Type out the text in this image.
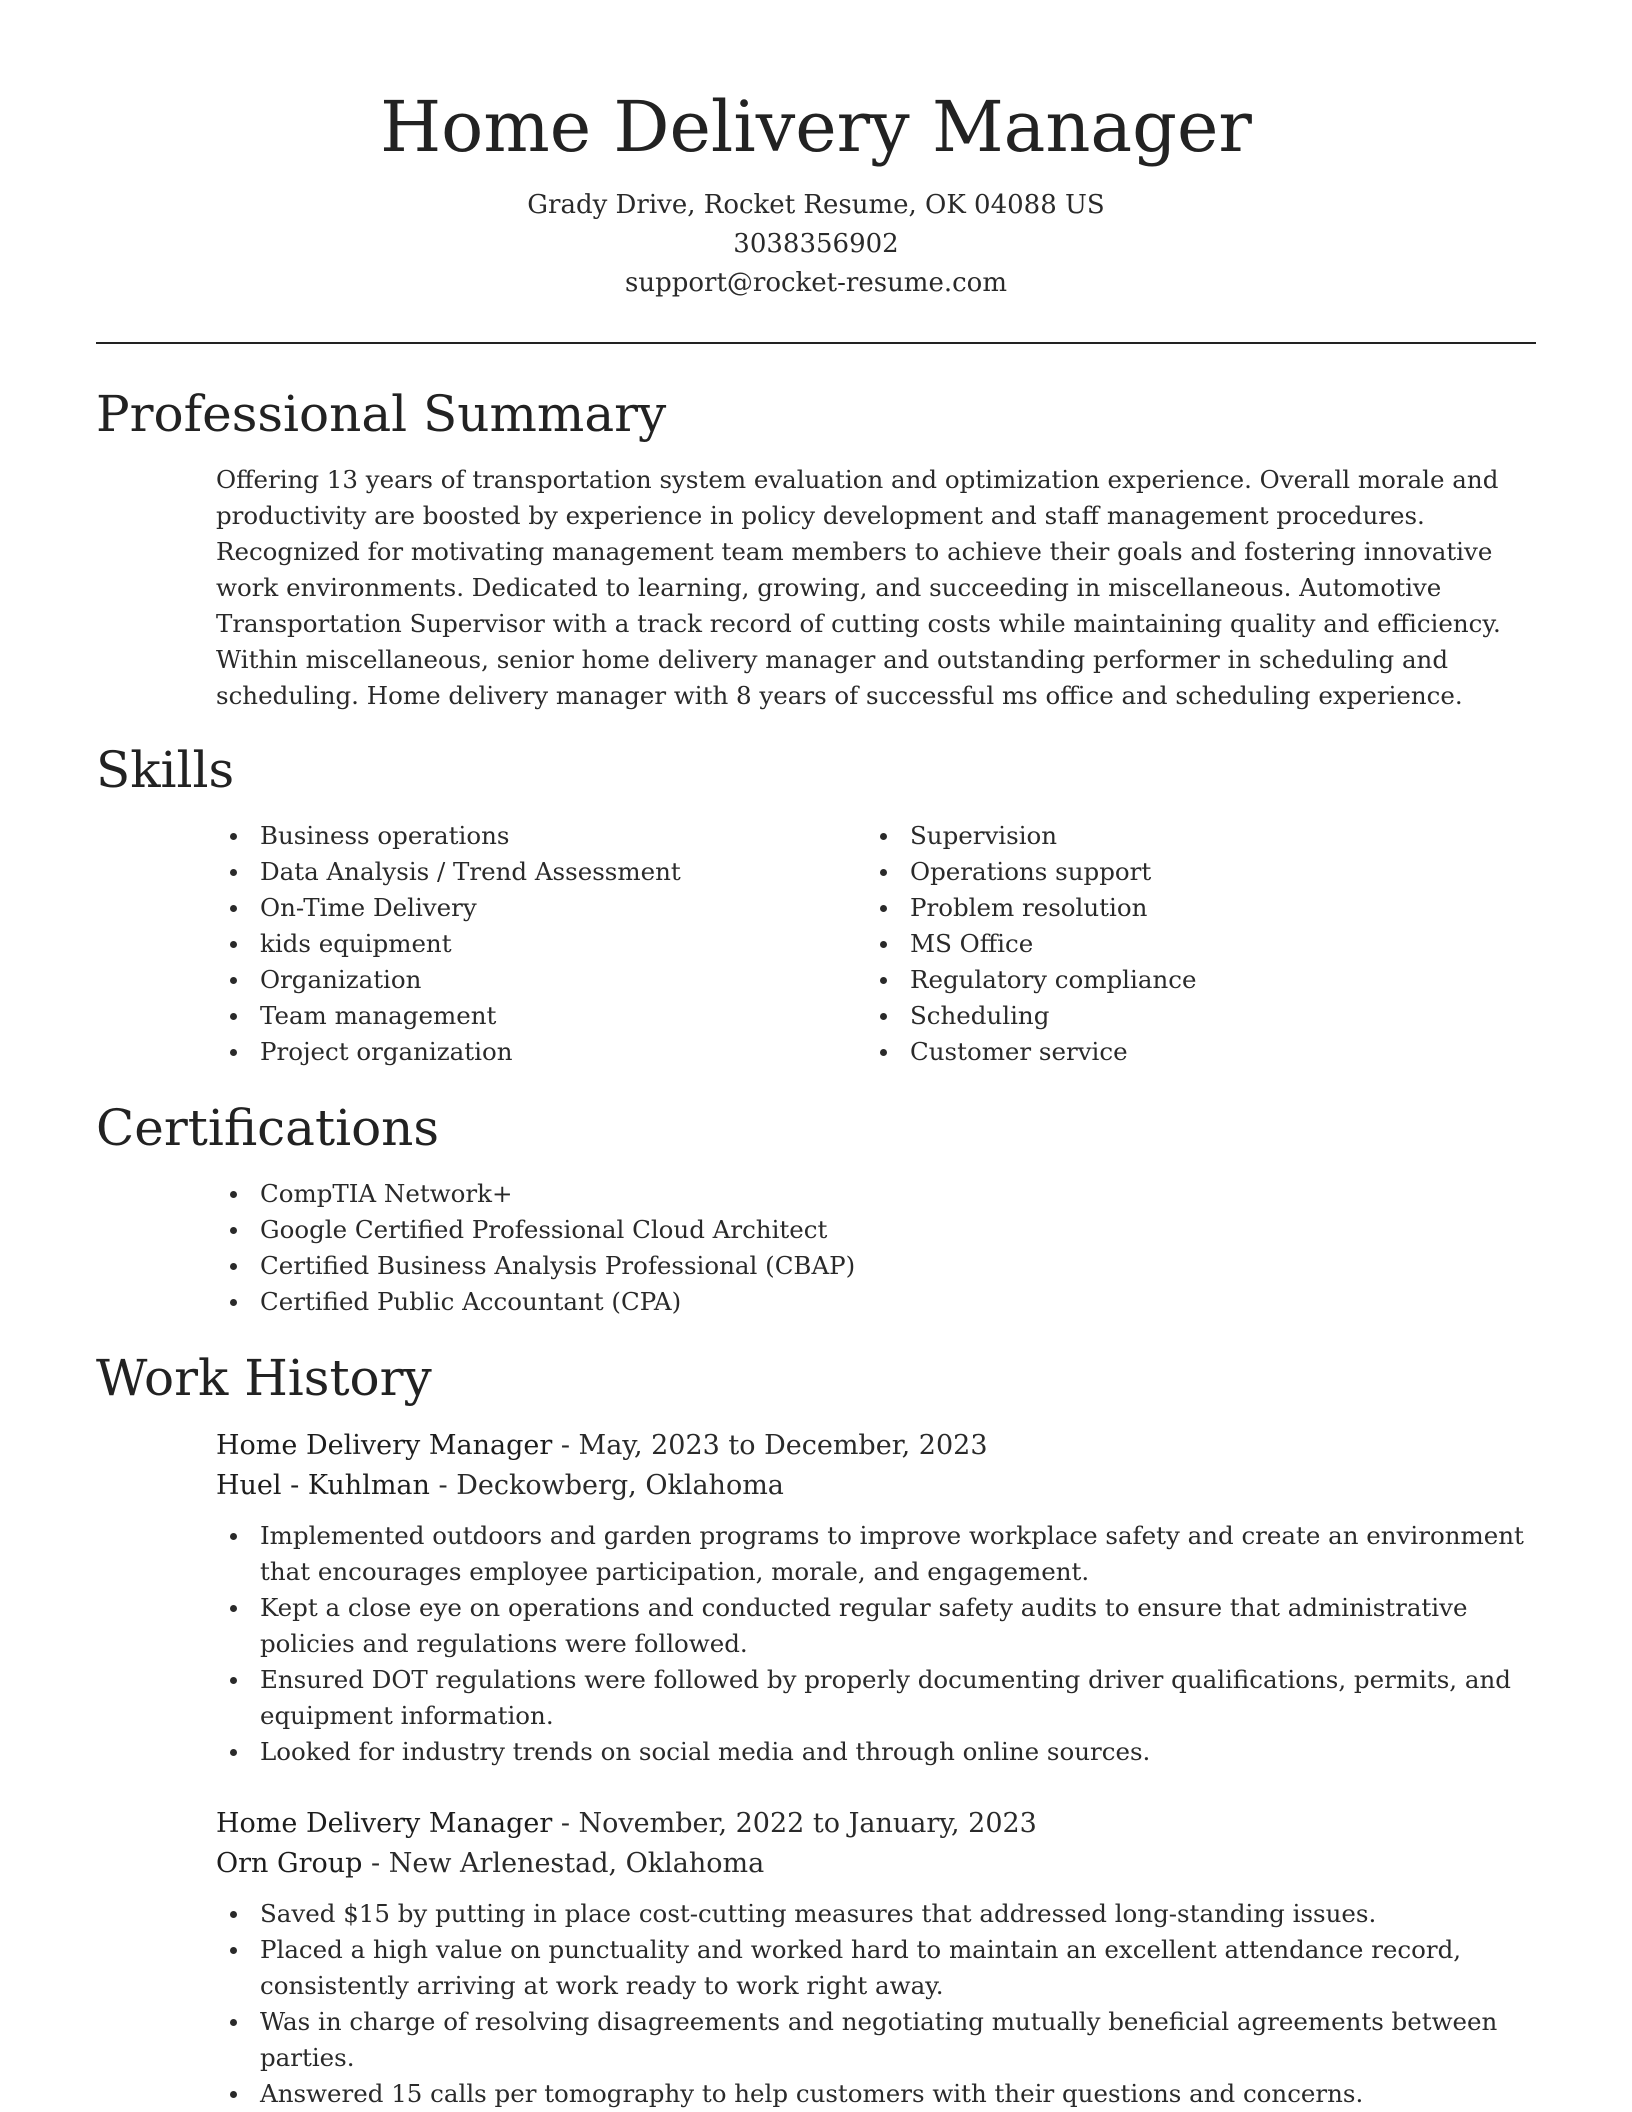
Home Delivery Manager
Grady Drive, Rocket Resume, OK 04088 US
3038356902
support@rocket-resume.com
Professional Summary

Offering 13 years of transportation system evaluation and optimization experience. Overall morale and productivity are boosted by experience in policy development and staff management procedures. Recognized for motivating management team members to achieve their goals and fostering innovative work environments. Dedicated to learning, growing, and succeeding in miscellaneous. Automotive Transportation Supervisor with a track record of cutting costs while maintaining quality and efficiency. Within miscellaneous, senior home delivery manager and outstanding performer in scheduling and scheduling. Home delivery manager with 8 years of successful ms office and scheduling experience.

Skills
Business operations
Data Analysis / Trend Assessment
On-Time Delivery
kids equipment
Organization
Team management
Project organization
Supervision
Operations support
Problem resolution
MS Office
Regulatory compliance
Scheduling
Customer service
Certifications
CompTIA Network+
Google Certified Professional Cloud Architect
Certified Business Analysis Professional (CBAP)
Certified Public Accountant (CPA)
Work History
Home Delivery Manager - May, 2023 to December, 2023
Huel - Kuhlman - Deckowberg, Oklahoma
Implemented outdoors and garden programs to improve workplace safety and create an environment that encourages employee participation, morale, and engagement.
Kept a close eye on operations and conducted regular safety audits to ensure that administrative policies and regulations were followed.
Ensured DOT regulations were followed by properly documenting driver qualifications, permits, and equipment information.
Looked for industry trends on social media and through online sources.
Home Delivery Manager - November, 2022 to January, 2023
Orn Group - New Arlenestad, Oklahoma
Saved $15 by putting in place cost-cutting measures that addressed long-standing issues.
Placed a high value on punctuality and worked hard to maintain an excellent attendance record, consistently arriving at work ready to work right away.
Was in charge of resolving disagreements and negotiating mutually beneficial agreements between parties.
Answered 15 calls per tomography to help customers with their questions and concerns.
